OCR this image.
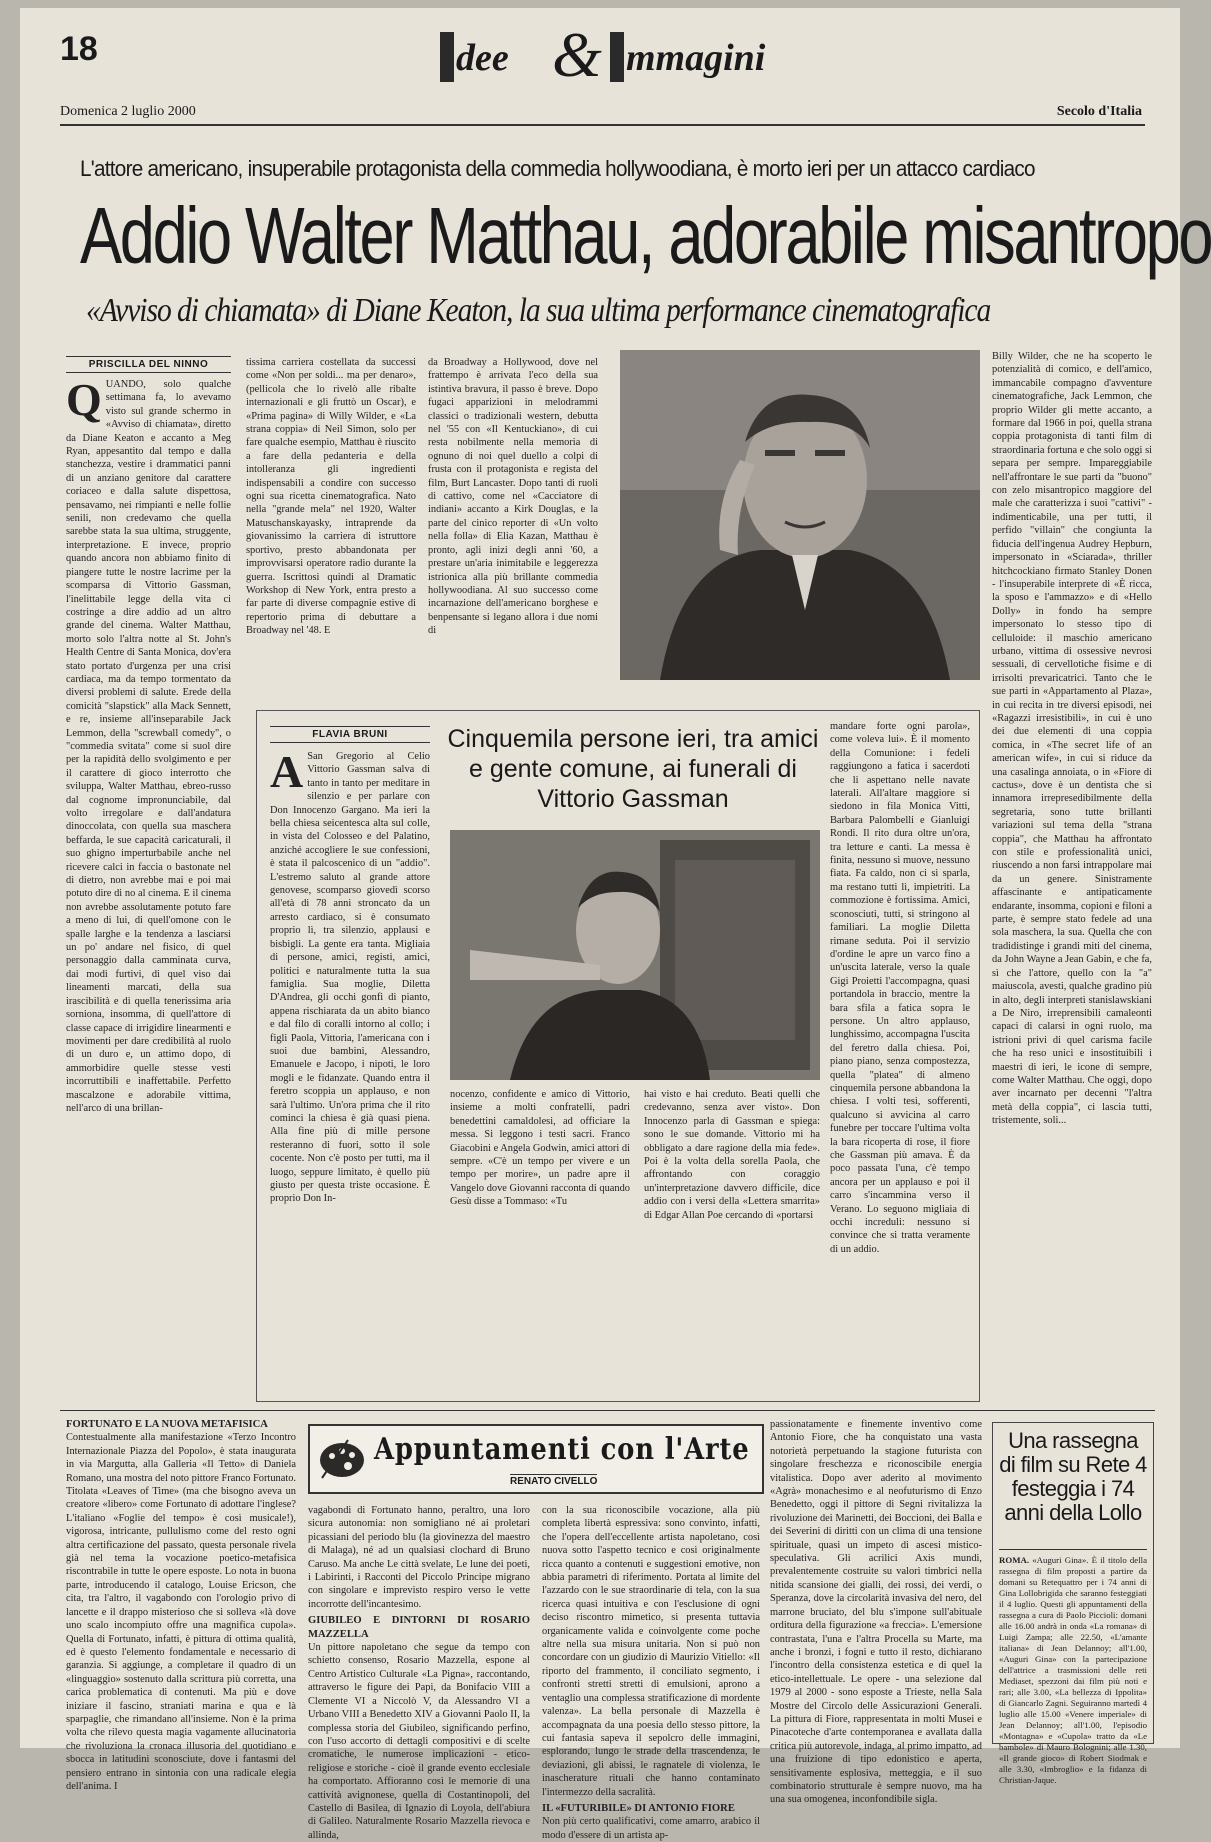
18	dee & mmagini
Domenica 2 luglio 2000	Secolo d'Italia
L'attore americano, insuperabile protagonista della commedia hollywoodiana, è morto ieri per un attacco cardiaco
Addio Walter Matthau, adorabile misantropo
«Avviso di chiamata» di Diane Keaton, la sua ultima performance cinematografica
PRISCILLA DEL NINNO
Q UANDO, solo qualche settimana fa, lo avevamo visto sul grande schermo in «Avviso di chiamata», diretto da Diane Keaton e accanto a Meg Ryan, appesantito dal tempo e dalla stanchezza, vestire i drammatici panni di un anziano genitore dal carattere coriaceo e dalla salute dispettosa, pensavamo, nei rimpianti e nelle follie senili, non credevamo che quella sarebbe stata la sua ultima, struggente, interpretazione. E invece, proprio quando ancora non abbiamo finito di piangere tutte le nostre lacrime per la scomparsa di Vittorio Gassman, l'inelittabile legge della vita ci costringe a dire addio ad un altro grande del cinema. Walter Matthau, morto solo l'altra notte al St. John's Health Centre di Santa Monica, dov'era stato portato d'urgenza per una crisi cardiaca, ma da tempo tormentato da diversi problemi di salute. Erede della comicità "slapstick" alla Mack Sennett, e re, insieme all'inseparabile Jack Lemmon, della "screwball comedy", o "commedia svitata" come si suol dire per la rapidità dello svolgimento e per il carattere di gioco interrotto che sviluppa, Walter Matthau, ebreo-russo dal cognome impronunciabile, dal volto irregolare e dall'andatura dinoccolata, con quella sua maschera beffarda, le sue capacità caricaturali, il suo ghigno imperturbabile anche nel ricevere calci in faccia o bastonate nel di dietro, non avrebbe mai e poi mai potuto dire di no al cinema. E il cinema non avrebbe assolutamente potuto fare a meno di lui, di quell'omone con le spalle larghe e la tendenza a lasciarsi un po' andare nel fisico, di quel personaggio dalla camminata curva, dai modi furtivi, di quel viso dai lineamenti marcati, della sua irascibilità e di quella tenerissima aria sorniona, insomma, di quell'attore di classe capace di irrigidire linearmenti e movimenti per dare credibilità al ruolo di un duro e, un attimo dopo, di ammorbidire quelle stesse vesti incorruttibili e inaffettabile. Perfetto mascalzone e adorabile vittima, nell'arco di una brillan-
tissima carriera costellata da successi come «Non per soldi... ma per denaro», (pellicola che lo rivelò alle ribalte internazionali e gli fruttò un Oscar), e «Prima pagina» di Willy Wilder, e «La strana coppia» di Neil Simon, solo per fare qualche esempio, Matthau è riuscito a fare della pedanteria e della intolleranza gli ingredienti indispensabili a condire con successo ogni sua ricetta cinematografica. Nato nella "grande mela" nel 1920, Walter Matuschanskayasky, intraprende da giovanissimo la carriera di istruttore sportivo, presto abbandonata per improvvisarsi operatore radio durante la guerra. Iscrittosi quindi al Dramatic Workshop di New York, entra presto a far parte di diverse compagnie estive di repertorio prima di debuttare a Broadway nel '48. E
da Broadway a Hollywood, dove nel frattempo è arrivata l'eco della sua istintiva bravura, il passo è breve. Dopo fugaci apparizioni in melodrammi classici o tradizionali western, debutta nel '55 con «Il Kentuckiano», di cui resta nobilmente nella memoria di ognuno di noi quel duello a colpi di frusta con il protagonista e regista del film, Burt Lancaster. Dopo tanti di ruoli di cattivo, come nel «Cacciatore di indiani» accanto a Kirk Douglas, e la parte del cinico reporter di «Un volto nella folla» di Elia Kazan, Matthau è pronto, agli inizi degli anni '60, a prestare un'aria inimitabile e leggerezza istrionica alla più brillante commedia hollywoodiana. Al suo successo come incarnazione dell'americano borghese e benpensante si legano allora i due nomi di
Billy Wilder, che ne ha scoperto le potenzialità di comico, e dell'amico, immancabile compagno d'avventure cinematografiche, Jack Lemmon, che proprio Wilder gli mette accanto, a formare dal 1966 in poi, quella strana coppia protagonista di tanti film di straordinaria fortuna e che solo oggi si separa per sempre. Impareggiabile nell'affrontare le sue parti da "buono" con zelo misantropico maggiore del male che caratterizza i suoi "cattivi" - indimenticabile, una per tutti, il perfido "villain" che congiunta la fiducia dell'ingenua Audrey Hepburn, impersonato in «Sciarada», thriller hitchcockiano firmato Stanley Donen - l'insuperabile interprete di «È ricca, la sposo e l'ammazzo» e di «Hello Dolly» in fondo ha sempre impersonato lo stesso tipo di celluloide: il maschio americano urbano, vittima di ossessive nevrosi sessuali, di cervellotiche fisime e di irrisolti prevaricatrici. Tanto che le sue parti in «Appartamento al Plaza», in cui recita in tre diversi episodi, nei «Ragazzi irresistibili», in cui è uno dei due elementi di una coppia comica, in «The secret life of an american wife», in cui si riduce da una casalinga annoiata, o in «Fiore di cactus», dove è un dentista che si innamora irrepresedibilmente della segretaria, sono tutte brillanti variazioni sul tema della "strana coppia", che Matthau ha affrontato con stile e professionalità unici, riuscendo a non farsi intrappolare mai da un genere. Sinistramente affascinante e antipaticamente endarante, insomma, copioni e filoni a parte, è sempre stato fedele ad una sola maschera, la sua. Quella che con tradidistinge i grandi miti del cinema, da John Wayne a Jean Gabin, e che fa, sì che l'attore, quello con la "a" maiuscola, avesti, qualche gradino più in alto, degli interpreti stanislawskiani a De Niro, irreprensibili camaleonti capaci di calarsi in ogni ruolo, ma istrioni privi di quel carisma facile che ha reso unici e insostituibili i maestri di ieri, le icone di sempre, come Walter Matthau. Che oggi, dopo aver incarnato per decenni "l'altra metà della coppia", ci lascia tutti, tristemente, soli...
FLAVIA BRUNI
A San Gregorio al Celio Vittorio Gassman salva di tanto in tanto per meditare in silenzio e per parlare con Don Innocenzo Gargano. Ma ieri la bella chiesa seicentesca alta sul colle, in vista del Colosseo e del Palatino, anziché accogliere le sue confessioni, è stata il palcoscenico di un "addio". L'estremo saluto al grande attore genovese, scomparso giovedì scorso all'età di 78 anni stroncato da un arresto cardiaco, si è consumato proprio lì, tra silenzio, applausi e bisbigli. La gente era tanta. Migliaia di persone, amici, registi, amici, politici e naturalmente tutta la sua famiglia. Sua moglie, Diletta D'Andrea, gli occhi gonfi di pianto, appena rischiarata da un abito bianco e dal filo di coralli intorno al collo; i figli Paola, Vittoria, l'americana con i suoi due bambini, Alessandro, Emanuele e Jacopo, i nipoti, le loro mogli e le fidanzate. Quando entra il feretro scoppia un applauso, e non sarà l'ultimo. Un'ora prima che il rito cominci la chiesa è già quasi piena. Alla fine più di mille persone resteranno di fuori, sotto il sole cocente. Non c'è posto per tutti, ma il luogo, seppure limitato, è quello più giusto per questa triste occasione. È proprio Don In-
Cinquemila persone ieri, tra amici e gente comune, ai funerali di Vittorio Gassman
nocenzo, confidente e amico di Vittorio, insieme a molti confratelli, padri benedettini camaldolesi, ad officiare la messa. Si leggono i testi sacri. Franco Giacobini e Angela Godwin, amici attori di sempre. «C'è un tempo per vivere e un tempo per morire», un padre apre il Vangelo dove Giovanni racconta di quando Gesù disse a Tommaso: «Tu
hai visto e hai creduto. Beati quelli che credevanno, senza aver visto». Don Innocenzo parla di Gassman e spiega: sono le sue domande. Vittorio mi ha obbligato a dare ragione della mia fede». Poi è la volta della sorella Paola, che affrontando con coraggio un'interpretazione davvero difficile, dice addio con i versi della «Lettera smarrita» di Edgar Allan Poe cercando di «portarsi
mandare forte ogni parola», come voleva lui». È il momento della Comunione: i fedeli raggiungono a fatica i sacerdoti che li aspettano nelle navate laterali. All'altare maggiore si siedono in fila Monica Vitti, Barbara Palombelli e Gianluigi Rondi. Il rito dura oltre un'ora, tra letture e canti. La messa è finita, nessuno si muove, nessuno fiata. Fa caldo, non ci si sparla, ma restano tutti lì, impietriti. La commozione è fortissima. Amici, sconosciuti, tutti, si stringono al familiari. La moglie Diletta rimane seduta. Poi il servizio d'ordine le apre un varco fino a un'uscita laterale, verso la quale Gigi Proietti l'accompagna, quasi portandola in braccio, mentre la bara sfila a fatica sopra le persone. Un altro applauso, lunghissimo, accompagna l'uscita del feretro dalla chiesa. Poi, piano piano, senza compostezza, quella "platea" di almeno cinquemila persone abbandona la chiesa. I volti tesi, sofferenti, qualcuno si avvicina al carro funebre per toccare l'ultima volta la bara ricoperta di rose, il fiore che Gassman più amava. È da poco passata l'una, c'è tempo ancora per un applauso e poi il carro s'incammina verso il Verano. Lo seguono migliaia di occhi increduli: nessuno si convince che si tratta veramente di un addio.
FORTUNATO E LA NUOVA METAFISICA
Contestualmente alla manifestazione «Terzo Incontro Internazionale Piazza del Popolo», è stata inaugurata in via Margutta, alla Galleria «Il Tetto» di Daniela Romano, una mostra del noto pittore Franco Fortunato. Titolata «Leaves of Time» (ma che bisogno aveva un creatore «libero» come Fortunato di adottare l'inglese? L'italiano «Foglie del tempo» è così musicale!), vigorosa, intricante, pullulismo come del resto ogni altra certificazione del passato, questa personale rivela già nel tema la vocazione poetico-metafisica riscontrabile in tutte le opere esposte. Lo nota in buona parte, introducendo il catalogo, Louise Ericson, che cita, tra l'altro, il vagabondo con l'orologio privo di lancette e il drappo misterioso che si solleva «là dove uno scalo incompiuto offre una magnifica cupola». Quella di Fortunato, infatti, è pittura di ottima qualità, ed è questo l'elemento fondamentale e necessario di garanzia. Si aggiunge, a completare il quadro di un «linguaggio» sostenuto dalla scrittura più corretta, una carica problematica di contenuti. Ma più e dove iniziare il fascino, straniati marina e qua e là sparpaglie, che rimandano all'insieme. Non è la prima volta che rilevo questa magia vagamente allucinatoria che rivoluziona la cronaca illusoria del quotidiano e sbocca in latitudini sconosciute, dove i fantasmi del pensiero entrano in sintonia con una radicale elegia dell'anima. I
Appuntamenti con l'Arte
RENATO CIVELLO
vagabondi di Fortunato hanno, peraltro, una loro sicura autonomia: non somigliano né ai proletari picassiani del periodo blu (la giovinezza del maestro di Malaga), né ad un qualsiasi clochard di Bruno Caruso. Ma anche Le città svelate, Le lune dei poeti, i Labirinti, i Racconti del Piccolo Principe migrano con singolare e imprevisto respiro verso le vette incorrotte dell'incantesimo.
GIUBILEO E DINTORNI DI ROSARIO MAZZELLA
Un pittore napoletano che segue da tempo con schietto consenso, Rosario Mazzella, espone al Centro Artistico Culturale «La Pigna», raccontando, attraverso le figure dei Papi, da Bonifacio VIII a Clemente VI a Niccolò V, da Alessandro VI a Urbano VIII a Benedetto XIV a Giovanni Paolo II, la complessa storia del Giubileo, significando perfino, con l'uso accorto di dettagli compositivi e di scelte cromatiche, le numerose implicazioni - etico-religiose e storiche - cioè il grande evento ecclesiale ha comportato. Affioranno così le memorie di una cattività avignonese, quella di Costantinopoli, del Castello di Basilea, di Ignazio di Loyola, dell'abiura di Galileo. Naturalmente Rosario Mazzella rievoca e allinda,
con la sua riconoscibile vocazione, alla più completa libertà espressiva: sono convinto, infatti, che l'opera dell'eccellente artista napoletano, così nuova sotto l'aspetto tecnico e così originalmente ricca quanto a contenuti e suggestioni emotive, non abbia parametri di riferimento. Portata al limite del l'azzardo con le sue straordinarie di tela, con la sua ricerca quasi intuitiva e con l'esclusione di ogni deciso riscontro mimetico, si presenta tuttavia organicamente valida e coinvolgente come poche altre nella sua misura unitaria. Non si può non concordare con un giudizio di Maurizio Vitiello: «Il riporto del frammento, il conciliato segmento, i confronti stretti stretti di emulsioni, aprono a ventaglio una complessa stratificazione di mordente valenza». La bella personale di Mazzella è accompagnata da una poesia dello stesso pittore, la cui fantasia sapeva il sepolcro delle immagini, esplorando, lungo le strade della trascendenza, le deviazioni, gli abissi, le ragnatele di violenza, le inascherature rituali che hanno contaminato l'intermezzo della sacralità.
IL «FUTURIBILE» DI ANTONIO FIORE
Non più certo qualificativi, come amarro, arabico il modo d'essere di un artista ap-
passionatamente e finemente inventivo come Antonio Fiore, che ha conquistato una vasta notorietà perpetuando la stagione futurista con singolare freschezza e riconoscibile energia vitalistica. Dopo aver aderito al movimento «Agrà» monachesimo e al neofuturismo di Enzo Benedetto, oggi il pittore di Segni rivitalizza la rivoluzione dei Marinetti, dei Boccioni, dei Balla e dei Severini di diritti con un clima di una tensione spirituale, quasi un impeto di ascesi mistico-speculativa. Gli acrilici Axis mundi, prevalentemente costruite su valori timbrici nella nitida scansione dei gialli, dei rossi, dei verdi, o Speranza, dove la circolarità invasiva del nero, del marrone bruciato, del blu s'impone sull'abituale orditura della figurazione «a freccia». L'emersione contrastata, l'una e l'altra Procella su Marte, ma anche i bronzi, i fogni e tutto il resto, dichiarano l'incontro della consistenza estetica e di quel la etico-intellettuale. Le opere - una selezione dal 1979 al 2000 - sono esposte a Trieste, nella Sala Mostre del Circolo delle Assicurazioni Generali. La pittura di Fiore, rappresentata in molti Musei e Pinacoteche d'arte contemporanea e avallata dalla critica più autorevole, indaga, al primo impatto, ad una fruizione di tipo edonistico e aperta, sensitivamente esplosiva, metteggia, e il suo combinatorio strutturale è sempre nuovo, ma ha una sua omogenea, inconfondibile sigla.
Una rassegna di film su Rete 4 festeggia i 74 anni della Lollo
ROMA. «Auguri Gina». È il titolo della rassegna di film proposti a partire da domani su Retequattro per i 74 anni di Gina Lollobrigida che saranno festeggiati il 4 luglio. Questi gli appuntamenti della rassegna a cura di Paolo Piccioli: domani alle 16.00 andrà in onda «La romana» di Luigi Zampa; alle 22.50, «L'amante italiana» di Jean Delannoy; all'1.00, «Auguri Gina» con la partecipazione dell'attrice a trasmissioni delle reti Mediaset, spezzoni dai film più noti e rari; alle 3.00, «La bellezza di Ippolita» di Giancarlo Zagni. Seguiranno martedì 4 luglio alle 15.00 «Venere imperiale» di Jean Delannoy; all'1.00, l'episodio «Montagna» e «Cupola» tratto da «Le bambole» di Mauro Bolognini; alle 1.30, «Il grande gioco» di Robert Siodmak e alle 3.30, «Imbroglio» e la fidanza di Christian-Jaque.
